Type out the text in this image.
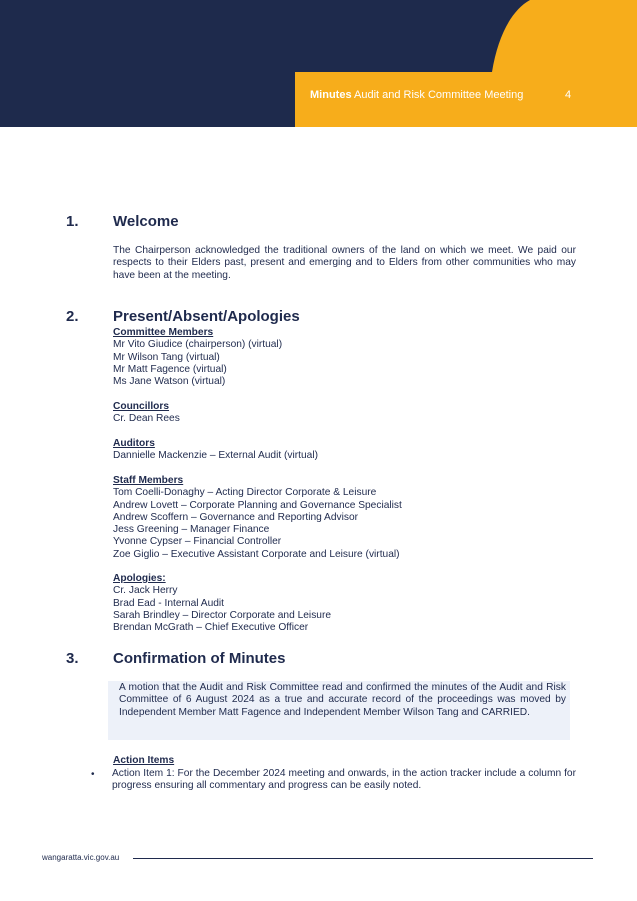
Minutes Audit and Risk Committee Meeting	4
1. Welcome

The Chairperson acknowledged the traditional owners of the land on which we meet. We paid our respects to their Elders past, present and emerging and to Elders from other communities who may have been at the meeting.

2. Present/Absent/Apologies
Committee Members
Mr Vito Giudice (chairperson) (virtual)
Mr Wilson Tang (virtual)
Mr Matt Fagence (virtual)
Ms Jane Watson (virtual)
Councillors
Cr. Dean Rees
Auditors
Dannielle Mackenzie – External Audit (virtual)
Staff Members
Tom Coelli-Donaghy – Acting Director Corporate & Leisure
Andrew Lovett – Corporate Planning and Governance Specialist
Andrew Scoffern – Governance and Reporting Advisor
Jess Greening – Manager Finance
Yvonne Cypser – Financial Controller
Zoe Giglio – Executive Assistant Corporate and Leisure (virtual)
Apologies:
Cr. Jack Herry
Brad Ead - Internal Audit
Sarah Brindley – Director Corporate and Leisure
Brendan McGrath – Chief Executive Officer
3. Confirmation of Minutes

A motion that the Audit and Risk Committee read and confirmed the minutes of the Audit and Risk Committee of 6 August 2024 as a true and accurate record of the proceedings was moved by Independent Member Matt Fagence and Independent Member Wilson Tang and CARRIED.

Action Items
• Action Item 1: For the December 2024 meeting and onwards, in the action tracker include a column for progress ensuring all commentary and progress can be easily noted.

wangaratta.vic.gov.au
